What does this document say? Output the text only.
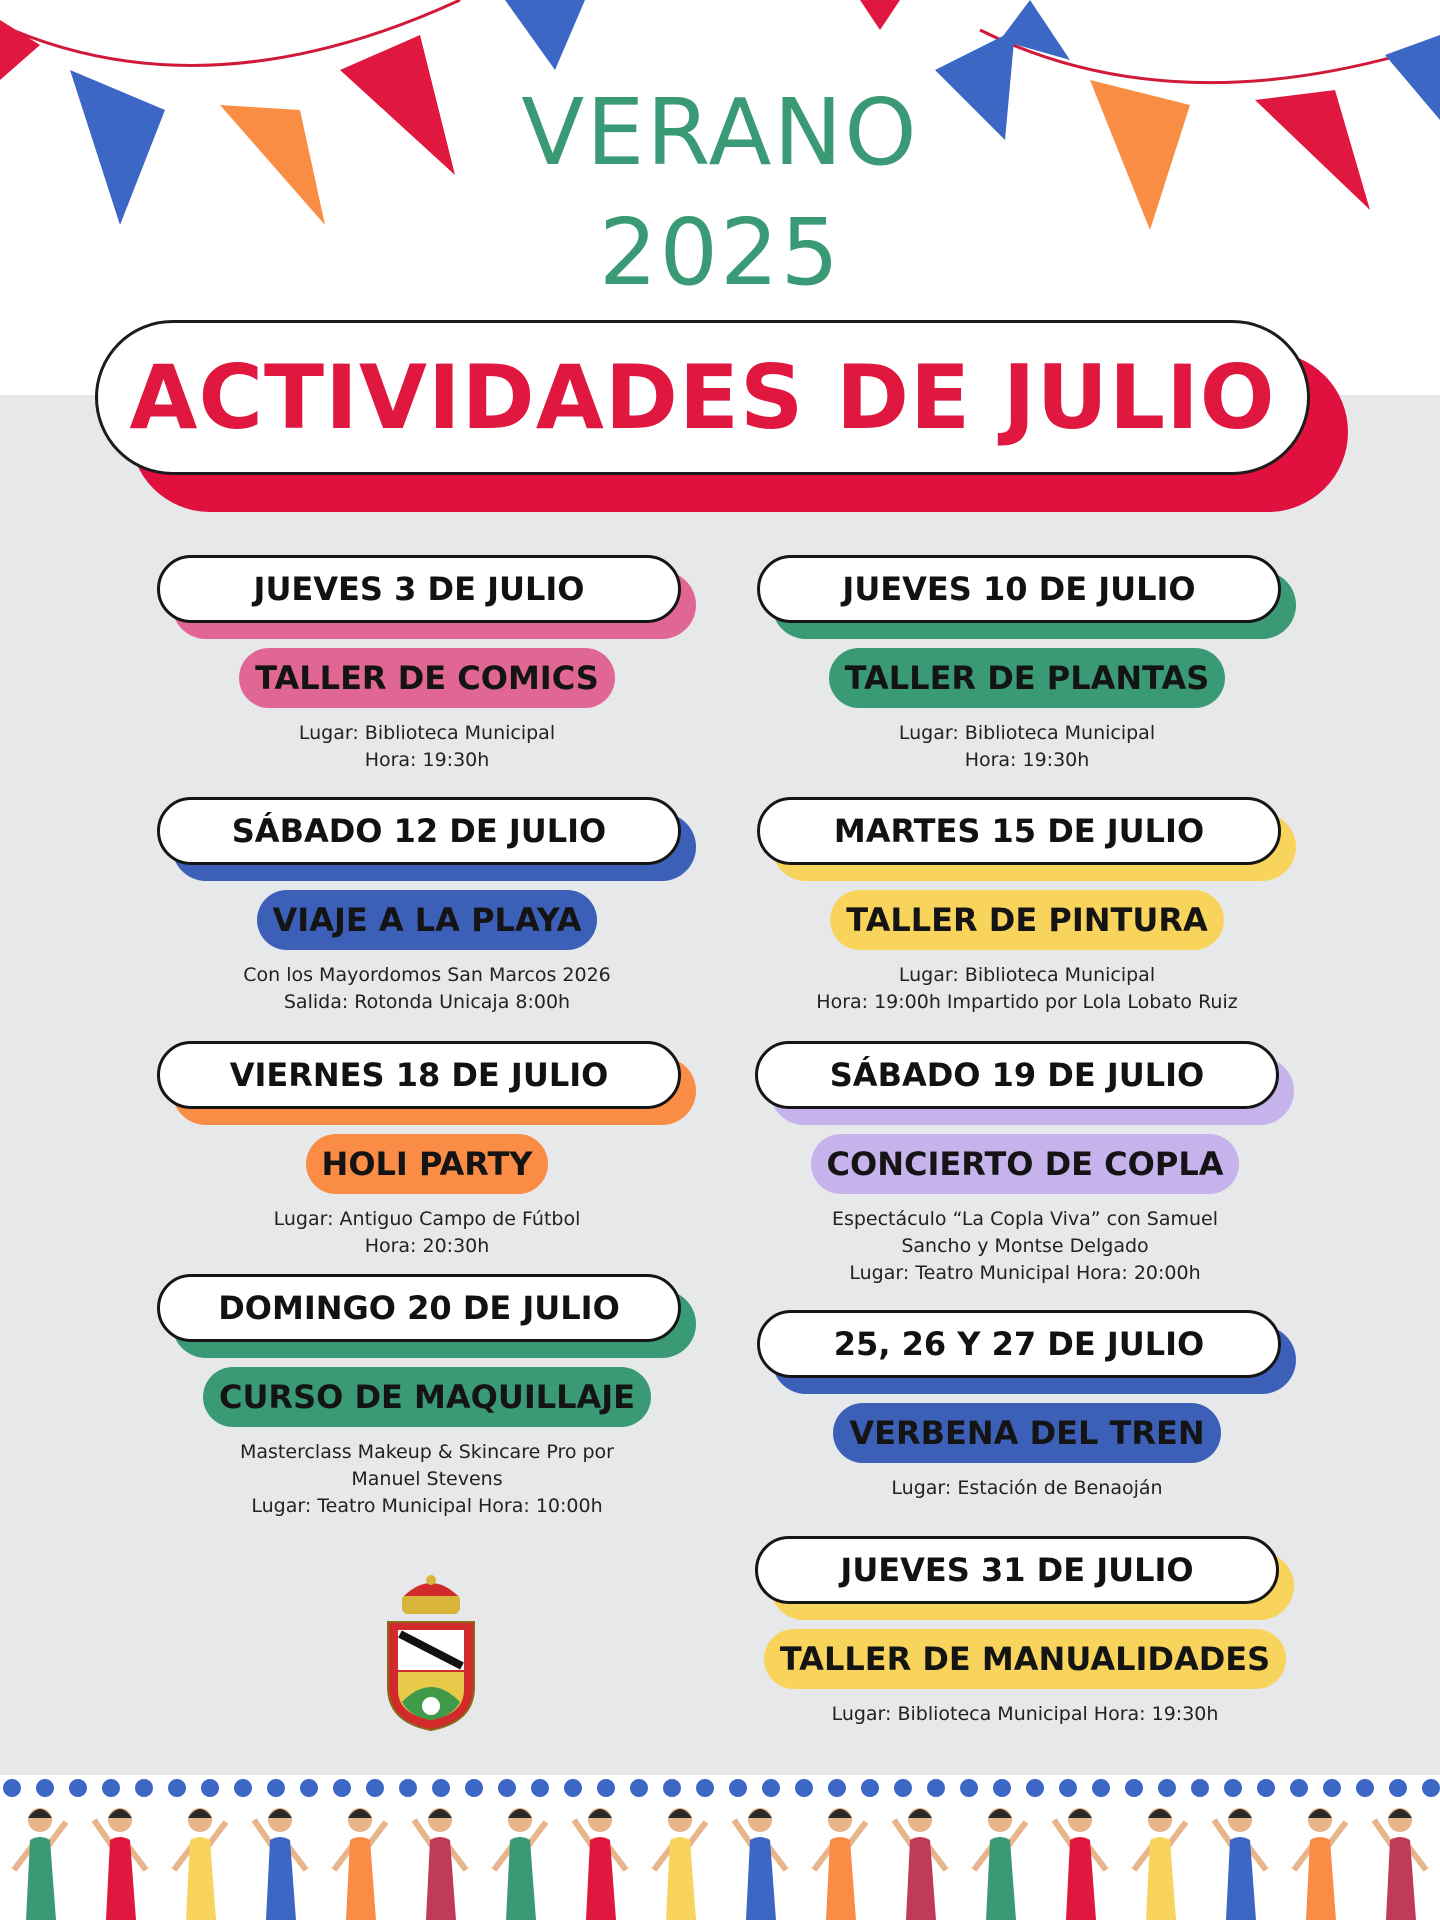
VERANO
2025
ACTIVIDADES DE JULIO
JUEVES 3 DE JULIO
TALLER DE COMICS
Lugar: Biblioteca Municipal
Hora: 19:30h
JUEVES 10 DE JULIO
TALLER DE PLANTAS
Lugar: Biblioteca Municipal
Hora: 19:30h
SÁBADO 12 DE JULIO
VIAJE A LA PLAYA
Con los Mayordomos San Marcos 2026
Salida: Rotonda Unicaja 8:00h
MARTES 15 DE JULIO
TALLER DE PINTURA
Lugar: Biblioteca Municipal
Hora: 19:00h Impartido por Lola Lobato Ruiz
VIERNES 18 DE JULIO
HOLI PARTY
Lugar: Antiguo Campo de Fútbol
Hora: 20:30h
SÁBADO 19 DE JULIO
CONCIERTO DE COPLA
Espectáculo “La Copla Viva” con Samuel
Sancho y Montse Delgado
Lugar: Teatro Municipal Hora: 20:00h
DOMINGO 20 DE JULIO
CURSO DE MAQUILLAJE
Masterclass Makeup & Skincare Pro por
Manuel Stevens
Lugar: Teatro Municipal Hora: 10:00h
25, 26 Y 27 DE JULIO
VERBENA DEL TREN
Lugar: Estación de Benaoján
JUEVES 31 DE JULIO
TALLER DE MANUALIDADES
Lugar: Biblioteca Municipal Hora: 19:30h
